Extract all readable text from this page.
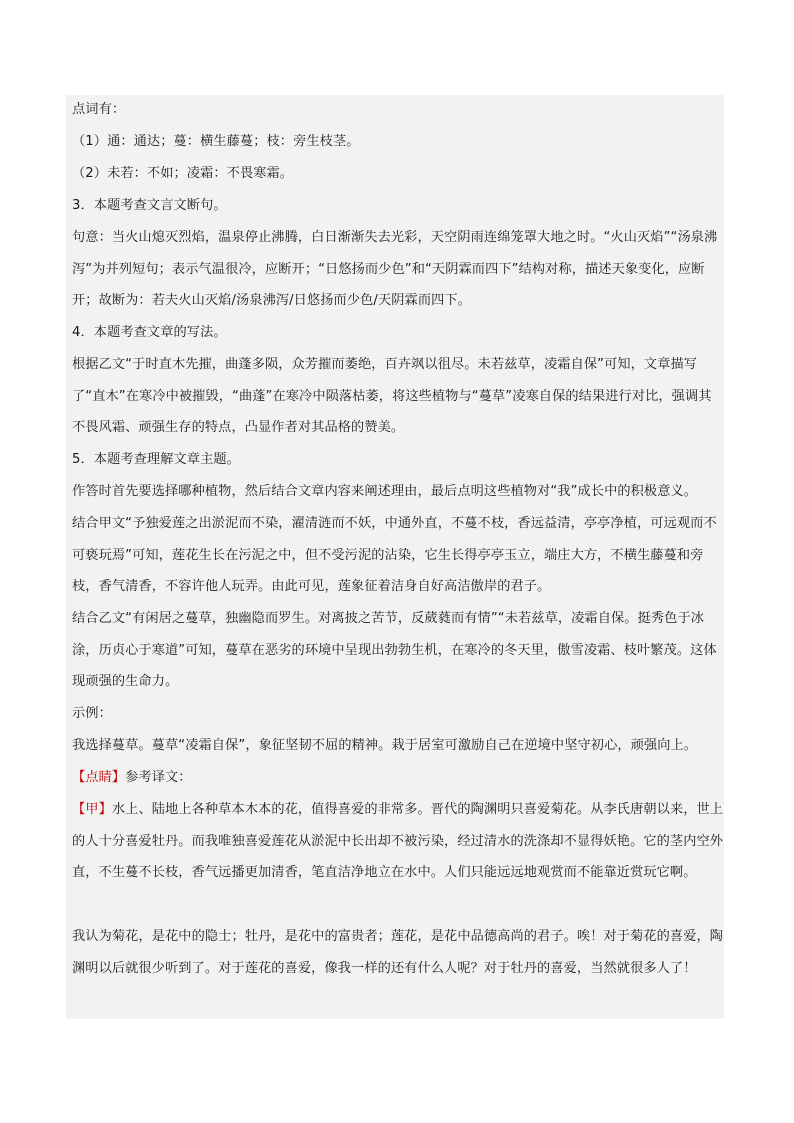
点词有：

（1）通：通达；蔓：横生藤蔓；枝：旁生枝茎。

（2）未若：不如；凌霜：不畏寒霜。

3．本题考查文言文断句。

句意：当火山熄灭烈焰，温泉停止沸腾，白日渐渐失去光彩，天空阴雨连绵笼罩大地之时。“火山灭焰”“汤泉沸泻”为并列短句；表示气温很冷，应断开；“日悠扬而少色”和“天阴霖而四下”结构对称，描述天象变化，应断开；故断为：若夫火山灭焰/汤泉沸泻/日悠扬而少色/天阴霖而四下。

4．本题考查文章的写法。

根据乙文“于时直木先摧，曲蓬多陨，众芳摧而萎绝，百卉飒以徂尽。未若兹草，凌霜自保”可知，文章描写了“直木”在寒冷中被摧毁，“曲蓬”在寒冷中陨落枯萎，将这些植物与“蔓草”凌寒自保的结果进行对比，强调其不畏风霜、顽强生存的特点，凸显作者对其品格的赞美。

5．本题考查理解文章主题。

作答时首先要选择哪种植物，然后结合文章内容来阐述理由，最后点明这些植物对“我”成长中的积极意义。

结合甲文“予独爱莲之出淤泥而不染，濯清涟而不妖，中通外直，不蔓不枝，香远益清，亭亭净植，可远观而不可亵玩焉”可知，莲花生长在污泥之中，但不受污泥的沾染，它生长得亭亭玉立，端庄大方，不横生藤蔓和旁枝，香气清香，不容许他人玩弄。由此可见，莲象征着洁身自好高洁傲岸的君子。

结合乙文“有闲居之蔓草，独幽隐而罗生。对离披之苦节，反葳蕤而有情”“未若兹草，凌霜自保。挺秀色于冰涂，历贞心于寒道”可知，蔓草在恶劣的环境中呈现出勃勃生机，在寒冷的冬天里，傲雪凌霜、枝叶繁茂。这体现顽强的生命力。

示例：

我选择蔓草。蔓草“凌霜自保”，象征坚韧不屈的精神。栽于居室可激励自己在逆境中坚守初心，顽强向上。

【点睛】参考译文：

【甲】水上、陆地上各种草本木本的花，值得喜爱的非常多。晋代的陶渊明只喜爱菊花。从李氏唐朝以来，世上的人十分喜爱牡丹。而我唯独喜爱莲花从淤泥中长出却不被污染，经过清水的洗涤却不显得妖艳。它的茎内空外直，不生蔓不长枝，香气远播更加清香，笔直洁净地立在水中。人们只能远远地观赏而不能靠近赏玩它啊。

我认为菊花，是花中的隐士；牡丹，是花中的富贵者；莲花，是花中品德高尚的君子。唉！对于菊花的喜爱，陶渊明以后就很少听到了。对于莲花的喜爱，像我一样的还有什么人呢？对于牡丹的喜爱，当然就很多人了！
